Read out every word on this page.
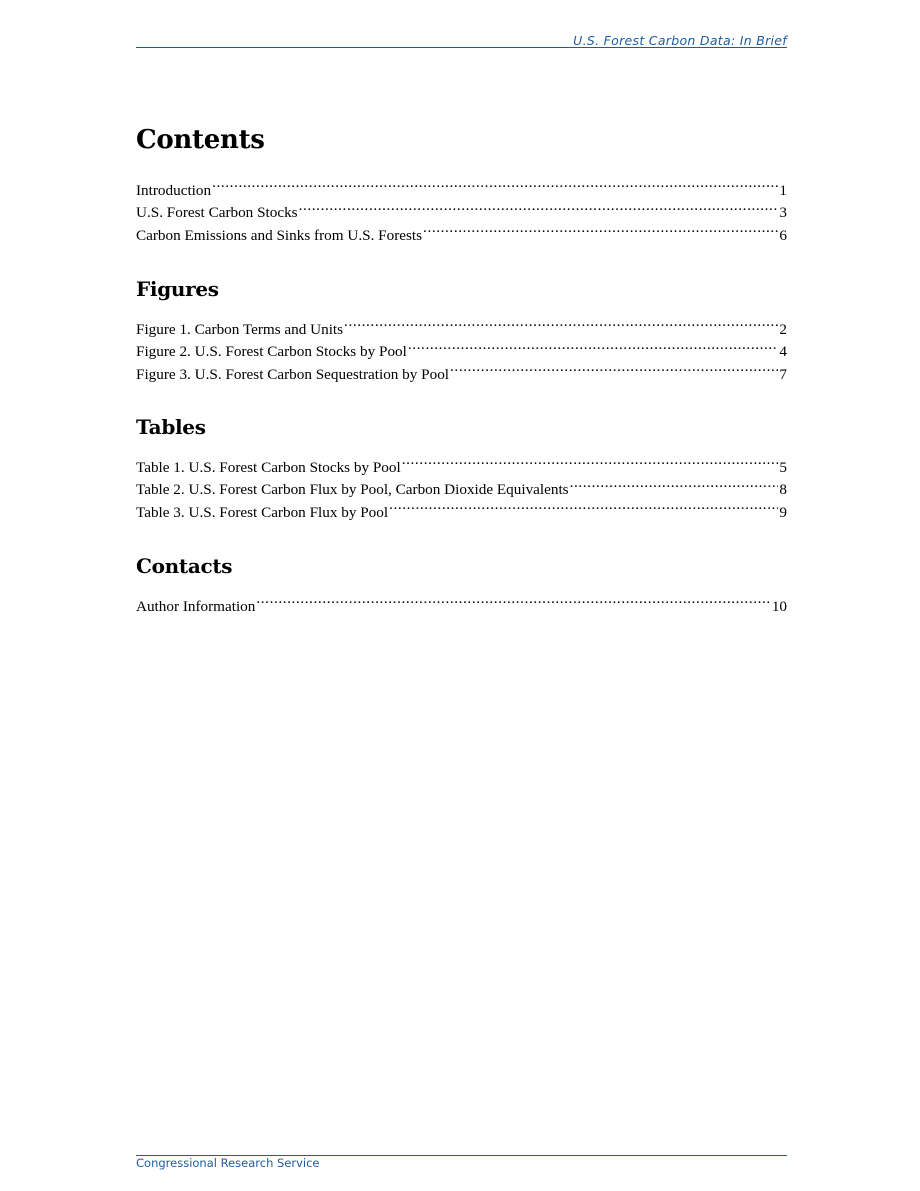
U.S. Forest Carbon Data: In Brief
Contents
Introduction .....	1
U.S. Forest Carbon Stocks .....	3
Carbon Emissions and Sinks from U.S. Forests .....	6
Figures
Figure 1. Carbon Terms and Units .....	2
Figure 2. U.S. Forest Carbon Stocks by Pool .....	4
Figure 3. U.S. Forest Carbon Sequestration by Pool .....	7
Tables
Table 1. U.S. Forest Carbon Stocks by Pool .....	5
Table 2. U.S. Forest Carbon Flux by Pool, Carbon Dioxide Equivalents .....	8
Table 3. U.S. Forest Carbon Flux by Pool .....	9
Contacts
Author Information .....	10
Congressional Research Service
